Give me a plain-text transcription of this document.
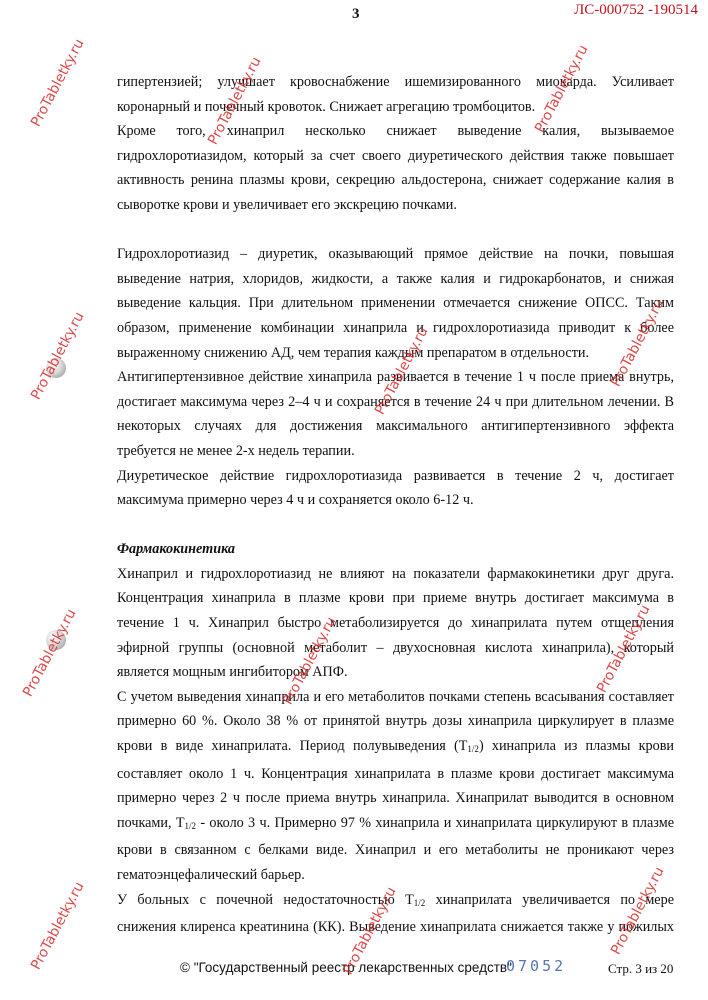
3	ЛС-000752 -190514

гипертензией; улучшает кровоснабжение ишемизированного миокарда. Усиливает коронарный и почечный кровоток. Снижает агрегацию тромбоцитов.

Кроме того, хинаприл несколько снижает выведение калия, вызываемое гидрохлоротиазидом, который за счет своего диуретического действия также повышает активность ренина плазмы крови, секрецию альдостерона, снижает содержание калия в сыворотке крови и увеличивает его экскрецию почками.

Гидрохлоротиазид – диуретик, оказывающий прямое действие на почки, повышая выведение натрия, хлоридов, жидкости, а также калия и гидрокарбонатов, и снижая выведение кальция. При длительном применении отмечается снижение ОПСС. Таким образом, применение комбинации хинаприла и гидрохлоротиазида приводит к более выраженному снижению АД, чем терапия каждым препаратом в отдельности.

Антигипертензивное действие хинаприла развивается в течение 1 ч после приема внутрь, достигает максимума через 2–4 ч и сохраняется в течение 24 ч при длительном лечении. В некоторых случаях для достижения максимального антигипертензивного эффекта требуется не менее 2-х недель терапии.

Диуретическое действие гидрохлоротиазида развивается в течение 2 ч, достигает максимума примерно через 4 ч и сохраняется около 6-12 ч.

Фармакокинетика

Хинаприл и гидрохлоротиазид не влияют на показатели фармакокинетики друг друга. Концентрация хинаприла в плазме крови при приеме внутрь достигает максимума в течение 1 ч. Хинаприл быстро метаболизируется до хинаприлата путем отщепления эфирной группы (основной метаболит – двухосновная кислота хинаприла), который является мощным ингибитором АПФ.

С учетом выведения хинаприла и его метаболитов почками степень всасывания составляет примерно 60 %. Около 38 % от принятой внутрь дозы хинаприла циркулирует в плазме крови в виде хинаприлата. Период полувыведения $(T_{1/2})$ хинаприла из плазмы крови составляет около 1 ч. Концентрация хинаприлата в плазме крови достигает максимума примерно через 2 ч после приема внутрь хинаприла. Хинаприлат выводится в основном почками, $T_{1/2}$ - около 3 ч. Примерно 97 % хинаприла и хинаприлата циркулируют в плазме крови в связанном с белками виде. Хинаприл и его метаболиты не проникают через гематоэнцефалический барьер.

У больных с почечной недостаточностью $T_{1/2}$ хинаприлата увеличивается по мере снижения клиренса креатинина (КК). Выведение хинаприлата снижается также у пожилых

© "Государственный реестр лекарственных средств"
07052	Стр. 3 из 20
ProTabletky.ru	ProTabletky.ru	ProTabletky.ru
ProTabletky.ru	ProTabletky.ru	ProTabletky.ru
ProTabletky.ru	ProTabletky.ru	ProTabletky.ru
ProTabletky.ru	ProTabletky.ru	ProTabletky.ru
